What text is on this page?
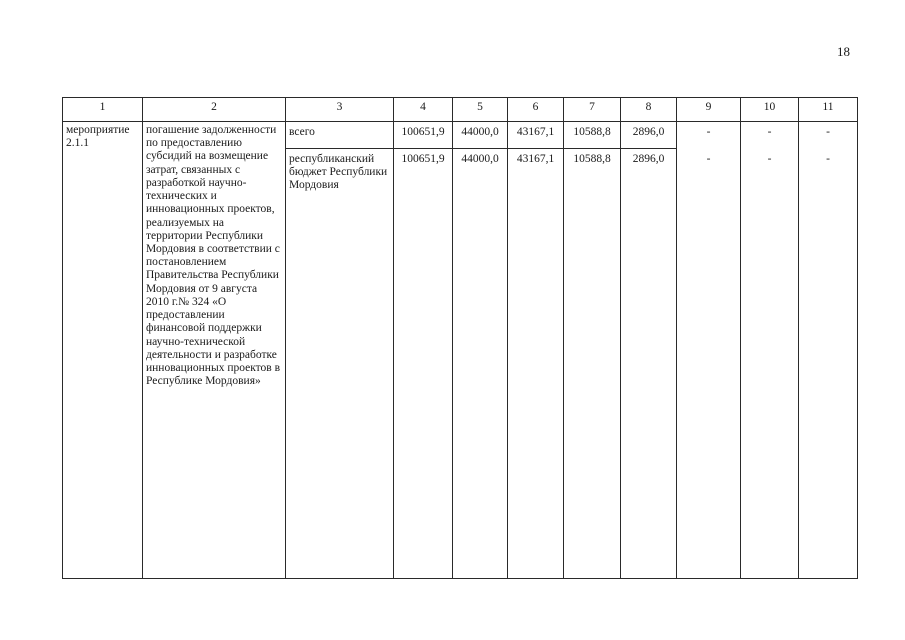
18
1	2	3	4	5	6	7	8	9	10	11
мероприятие 2.1.1	погашение задолженности по предоставлению субсидий на возмещение затрат, связанных с разработкой научно-технических и инновационных проектов, реализуемых на территории Республики Мордовия в соответствии с постановлением Правительства Республики Мордовия от 9 августа 2010 г.№ 324 «О предоставлении финансовой поддержки научно-технической деятельности и разработке инновационных проектов в Республике Мордовия»	всего	100651,9	44000,0	43167,1	10588,8	2896,0	-	-	-
		республиканский бюджет Республики Мордовия	100651,9	44000,0	43167,1	10588,8	2896,0	-	-	-
